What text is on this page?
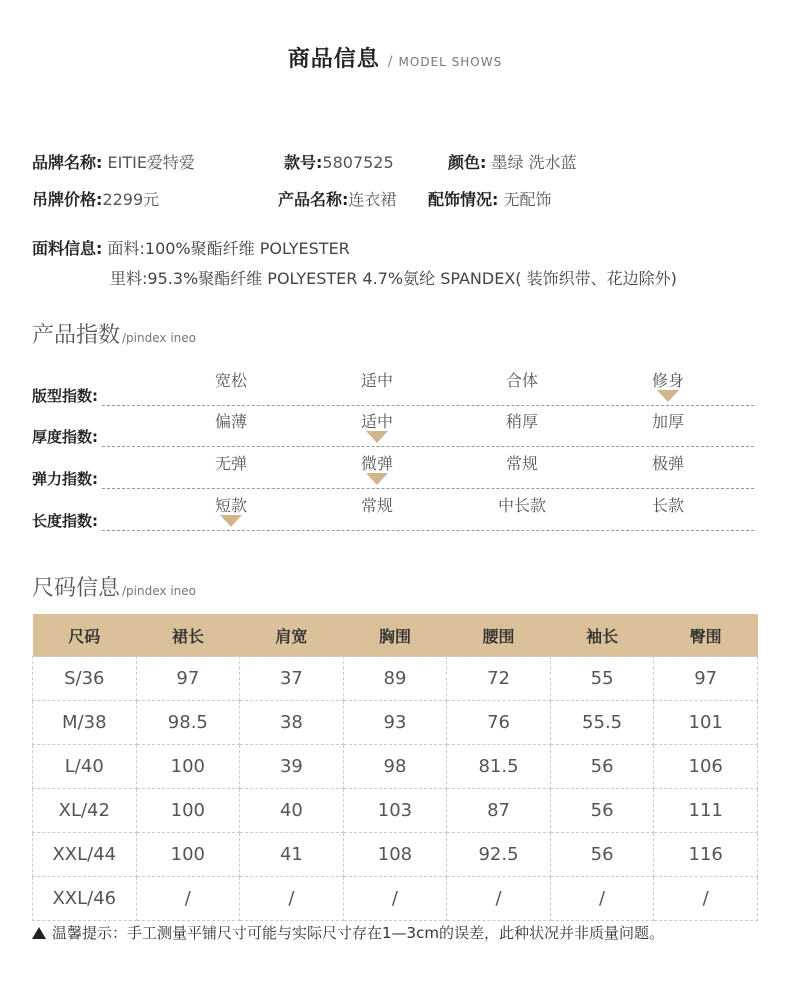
商品信息 / MODEL SHOWS
品牌名称: EITIE爱特爱	款号:5807525	颜色: 墨绿 洗水蓝
吊牌价格:2299元	产品名称:连衣裙 配饰情况: 无配饰
面料信息: 面料:100%聚酯纤维 POLYESTER
里料:95.3%聚酯纤维 POLYESTER 4.7%氨纶 SPANDEX( 装饰织带、花边除外)
产品指数 /pindex ineo
版型指数:
宽松	适中	合体	修身
厚度指数:
偏薄	适中	稍厚	加厚
弹力指数:
无弹	微弹	常规	极弹
长度指数:
短款	常规	中长款	长款
尺码信息 /pindex ineo
尺码	裙长	肩宽	胸围	腰围	袖长	臀围
S/36	97	37	89	72	55	97
M/38	98.5	38	93	76	55.5	101
L/40	100	39	98	81.5	56	106
XL/42	100	40	103	87	56	111
XXL/44	100	41	108	92.5	56	116
XXL/46	/	/	/	/	/	/
温馨提示：手工测量平铺尺寸可能与实际尺寸存在1—3cm的误差，此种状况并非质量问题。
